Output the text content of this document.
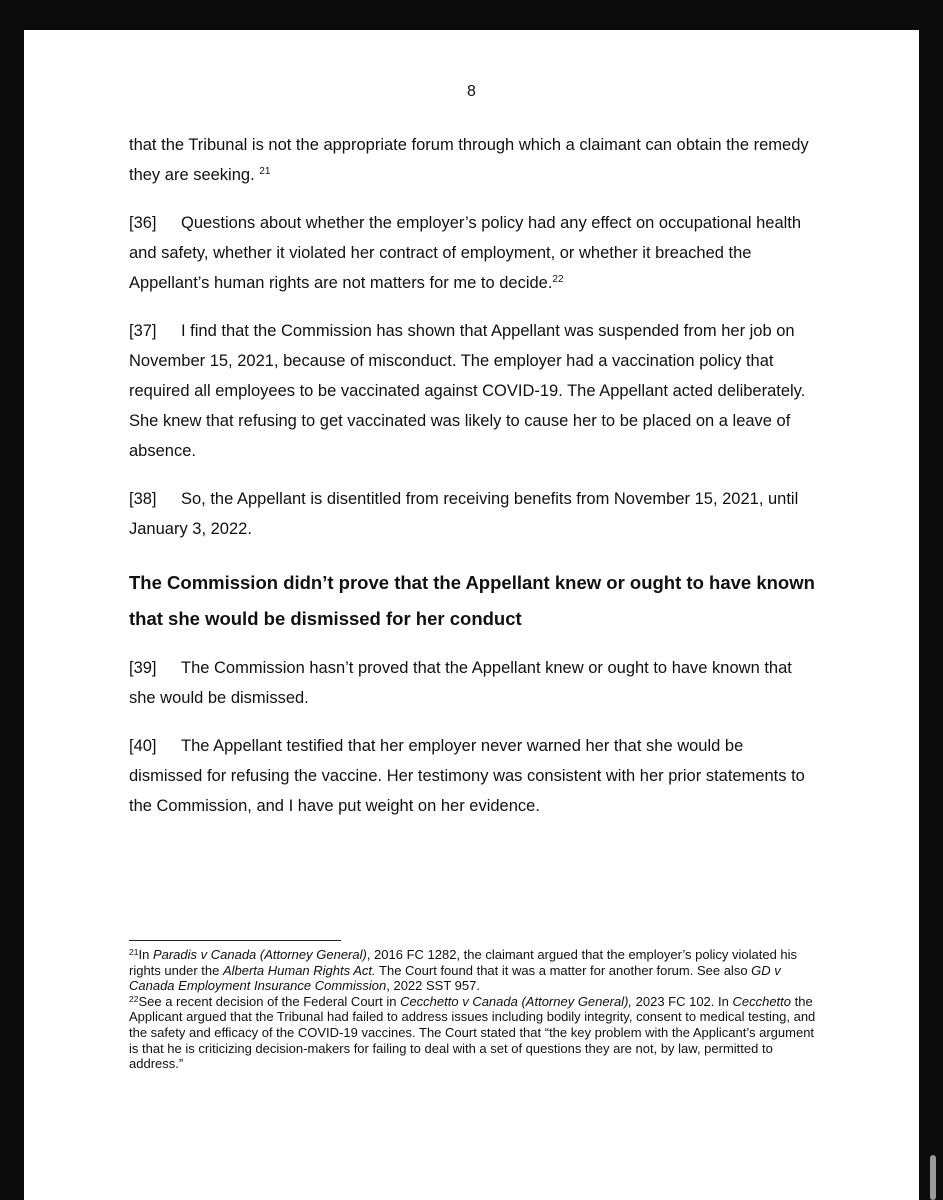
8

that the Tribunal is not the appropriate forum through which a claimant can obtain the remedy they are seeking. $^{21}$

[36] Questions about whether the employer’s policy had any effect on occupational health and safety, whether it violated her contract of employment, or whether it breached the Appellant’s human rights are not matters for me to decide.$^{22}$

[37] I find that the Commission has shown that Appellant was suspended from her job on November 15, 2021, because of misconduct. The employer had a vaccination policy that required all employees to be vaccinated against COVID-19. The Appellant acted deliberately. She knew that refusing to get vaccinated was likely to cause her to be placed on a leave of absence.

[38] So, the Appellant is disentitled from receiving benefits from November 15, 2021, until January 3, 2022.

The Commission didn’t prove that the Appellant knew or ought to have known that she would be dismissed for her conduct

[39] The Commission hasn’t proved that the Appellant knew or ought to have known that she would be dismissed.

[40] The Appellant testified that her employer never warned her that she would be dismissed for refusing the vaccine. Her testimony was consistent with her prior statements to the Commission, and I have put weight on her evidence.

$^{21}$In Paradis v Canada (Attorney General), 2016 FC 1282, the claimant argued that the employer’s policy violated his rights under the Alberta Human Rights Act. The Court found that it was a matter for another forum. See also GD v Canada Employment Insurance Commission, 2022 SST 957.

$^{22}$See a recent decision of the Federal Court in Cecchetto v Canada (Attorney General), 2023 FC 102. In Cecchetto the Applicant argued that the Tribunal had failed to address issues including bodily integrity, consent to medical testing, and the safety and efficacy of the COVID-19 vaccines. The Court stated that “the key problem with the Applicant’s argument is that he is criticizing decision-makers for failing to deal with a set of questions they are not, by law, permitted to address.”
